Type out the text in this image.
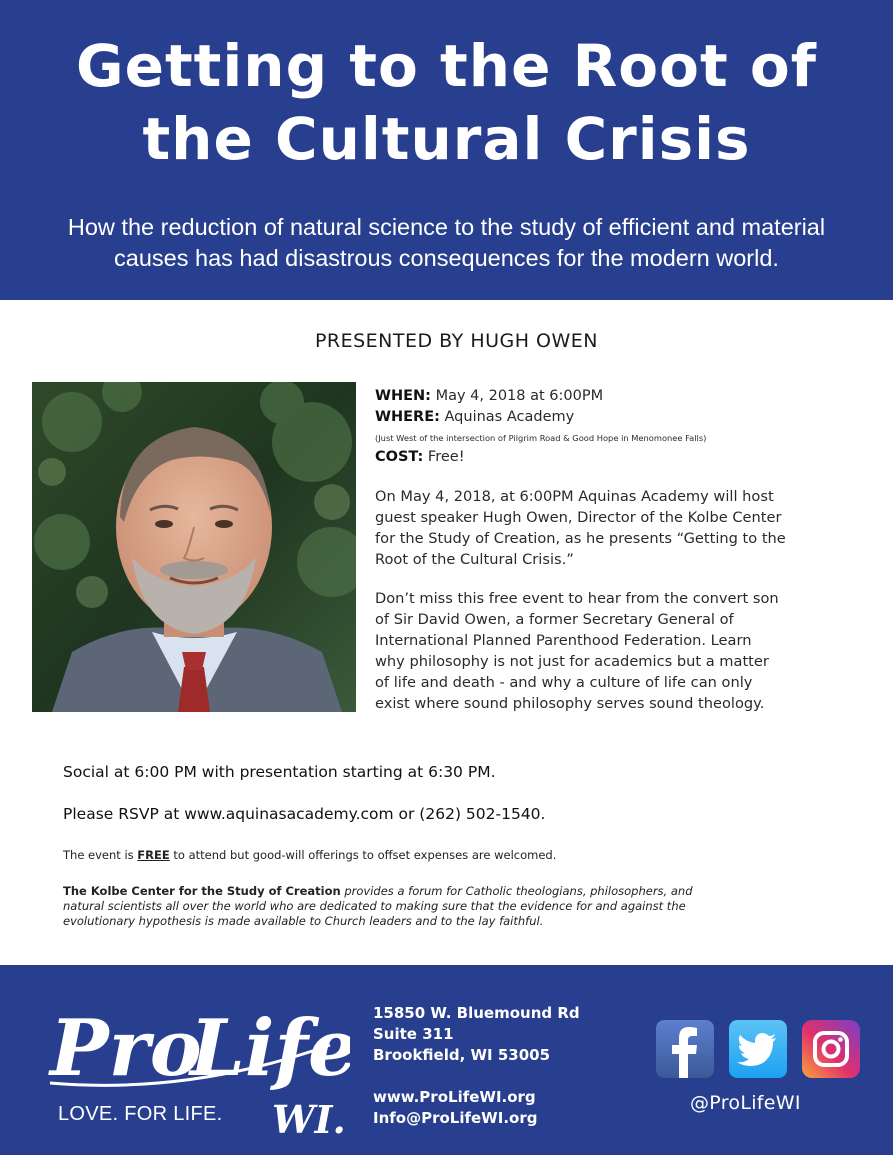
Getting to the Root of
the Cultural Crisis
How the reduction of natural science to the study of efficient and material
causes has had disastrous consequences for the modern world.
PRESENTED BY HUGH OWEN
WHEN: May 4, 2018 at 6:00PM
WHERE: Aquinas Academy
(Just West of the intersection of Pilgrim Road & Good Hope in Menomonee Falls)
COST: Free!
On May 4, 2018, at 6:00PM Aquinas Academy will host
guest speaker Hugh Owen, Director of the Kolbe Center
for the Study of Creation, as he presents “Getting to the
Root of the Cultural Crisis.”
Don’t miss this free event to hear from the convert son
of Sir David Owen, a former Secretary General of
International Planned Parenthood Federation. Learn
why philosophy is not just for academics but a matter
of life and death - and why a culture of life can only
exist where sound philosophy serves sound theology.
Social at 6:00 PM with presentation starting at 6:30 PM.
Please RSVP at www.aquinasacademy.com or (262) 502-1540.
The event is FREE to attend but good-will offerings to offset expenses are welcomed.
The Kolbe Center for the Study of Creation provides a forum for Catholic theologians, philosophers, and
natural scientists all over the world who are dedicated to making sure that the evidence for and against the
evolutionary hypothesis is made available to Church leaders and to the lay faithful.
Pro
Life
WI.
LOVE. FOR LIFE.
15850 W. Bluemound Rd
Suite 311
Brookfield, WI 53005
www.ProLifeWI.org
Info@ProLifeWI.org
@ProLifeWI
